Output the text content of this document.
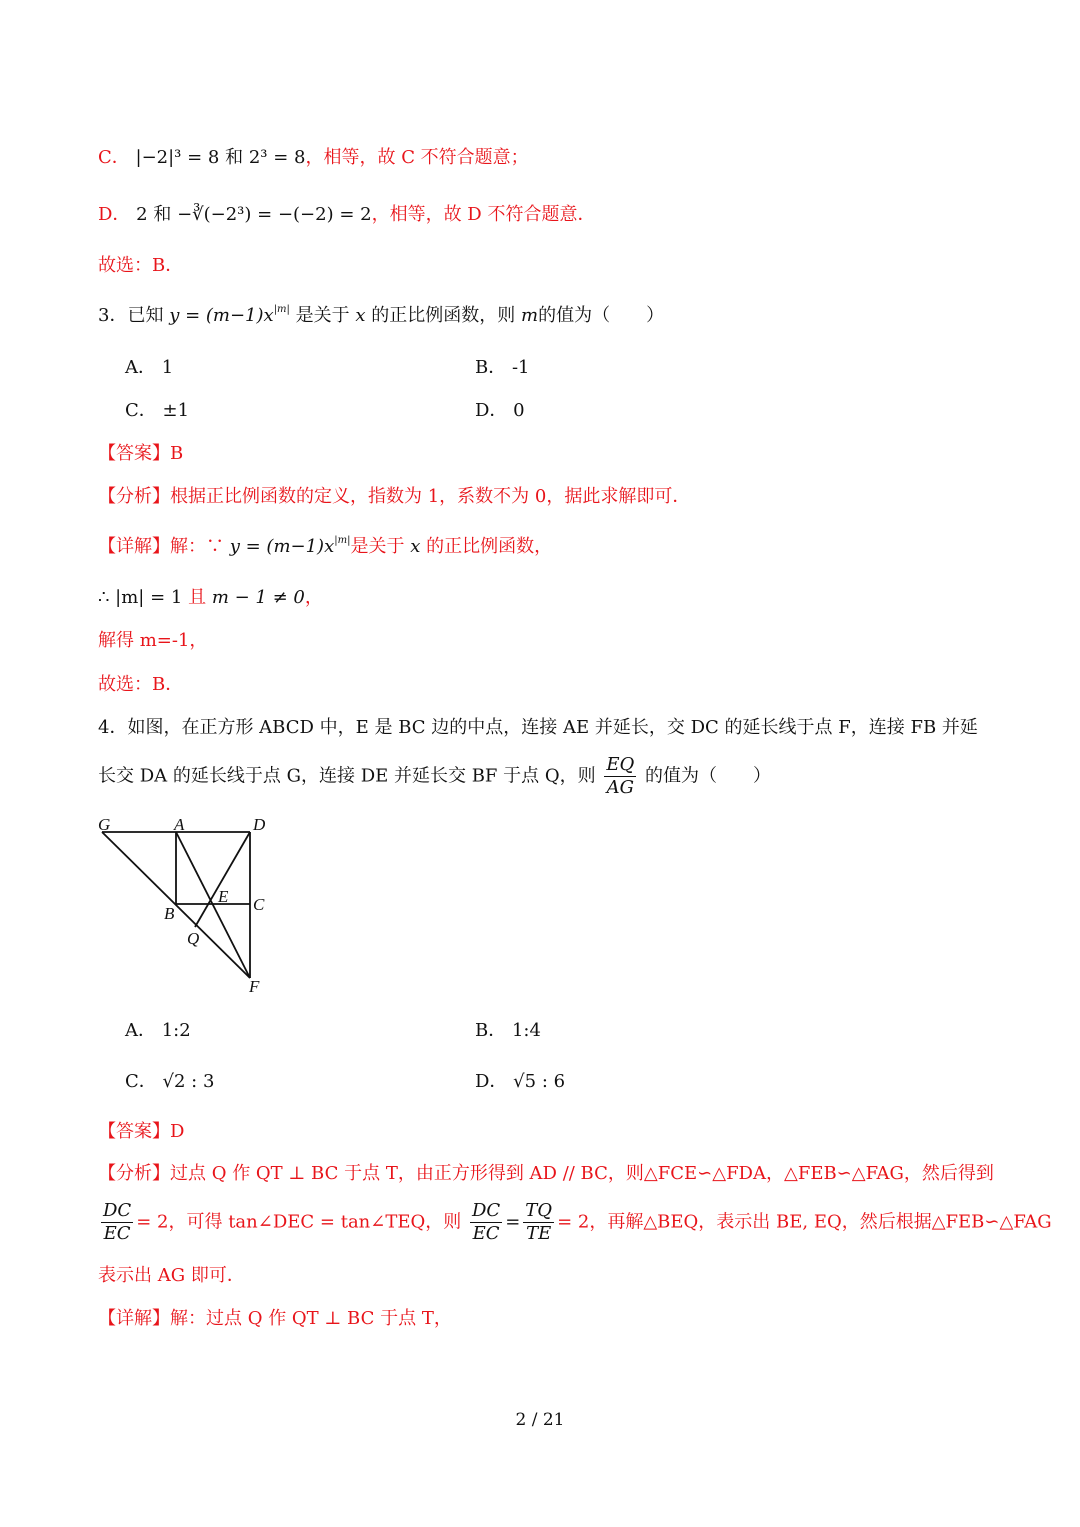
C． |−2|³ = 8 和 2³ = 8，相等，故 C 不符合题意；
D． 2 和 −∛(−2³) = −(−2) = 2，相等，故 D 不符合题意．
故选：B．
3．已知 $y = (m-1)x^{|m|}$ 是关于 x 的正比例函数，则 m的值为（　　）
A． 1	B． -1
C． ±1	D． 0
【答案】B
【分析】根据正比例函数的定义，指数为 1，系数不为 0，据此求解即可．
【详解】解：∵ $y = (m-1)x^{|m|}$是关于 x 的正比例函数，
∴ |m| = 1 且 m − 1 ≠ 0，
解得 m=-1，
故选：B．
4．如图，在正方形 ABCD 中，E 是 BC 边的中点，连接 AE 并延长，交 DC 的延长线于点 F，连接 FB 并延
长交 DA 的延长线于点 G，连接 DE 并延长交 BF 于点 Q，则 $\frac{EQ}{AG}$ 的值为（　　）
G	A	D
E C
B
Q
F
A． 1:2	B． 1:4
C． √2 : 3	D． √5 : 6
【答案】D
【分析】过点 Q 作 QT ⊥ BC 于点 T，由正方形得到 AD // BC，则△FCE∽△FDA，△FEB∽△FAG，然后得到
$\frac{DC}{EC} = 2$，可得 tan∠DEC = tan∠TEQ，则 $\frac{DC}{EC} = \frac{TQ}{TE} = 2$，再解△BEQ，表示出 BE, EQ，然后根据△FEB∽△FAG
表示出 AG 即可．
【详解】解：过点 Q 作 QT ⊥ BC 于点 T，
2 / 21
